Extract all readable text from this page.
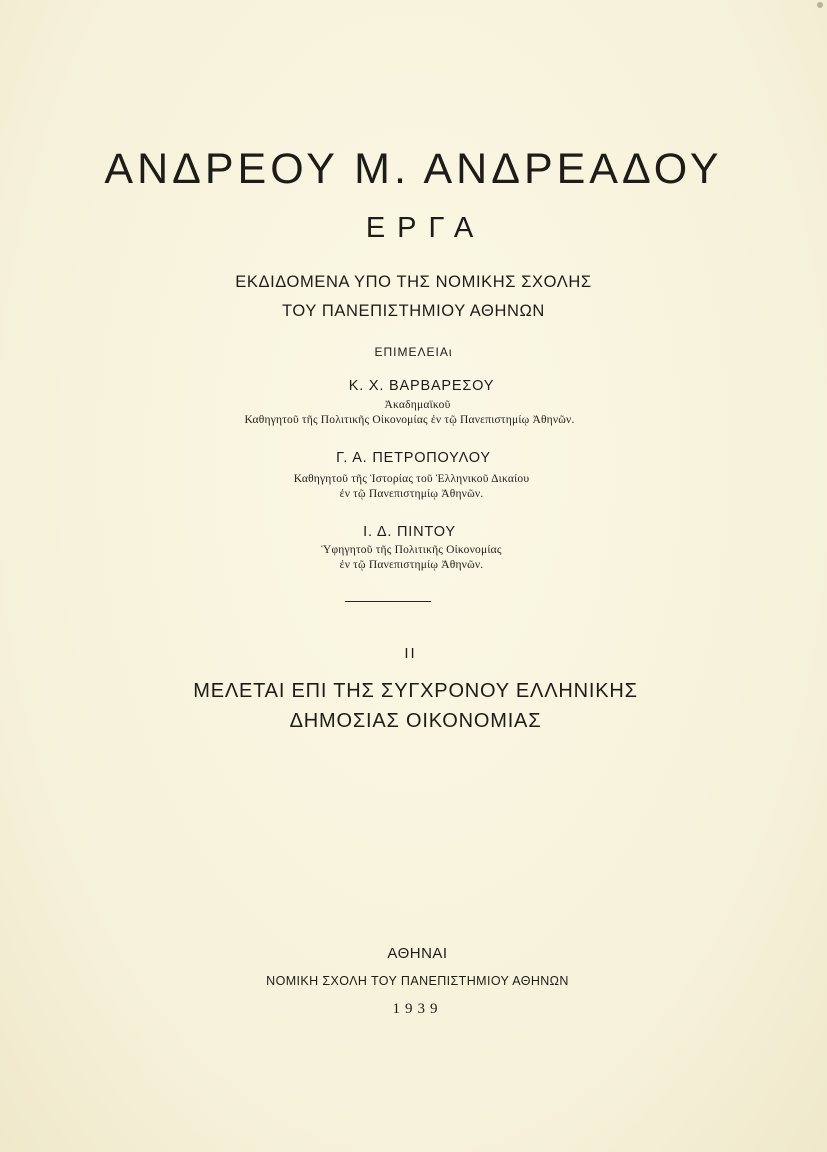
ΑΝΔΡΕΟΥ Μ. ΑΝΔΡΕΑΔΟΥ
ΕΡΓΑ
ΕΚΔΙΔΟΜΕΝΑ ΥΠΟ ΤΗΣ ΝΟΜΙΚΗΣ ΣΧΟΛΗΣ
ΤΟΥ ΠΑΝΕΠΙΣΤΗΜΙΟΥ ΑΘΗΝΩΝ
ΕΠΙΜΕΛΕΙΑι
Κ. Χ. ΒΑΡΒΑΡΕΣΟΥ
Ἀκαδημαϊκοῦ
Καθηγητοῦ τῆς Πολιτικῆς Οἰκονομίας ἐν τῷ Πανεπιστημίῳ Ἀθηνῶν.
Γ. Α. ΠΕΤΡΟΠΟΥΛΟΥ
Καθηγητοῦ τῆς Ἱστορίας τοῦ Ἑλληνικοῦ Δικαίου
ἐν τῷ Πανεπιστημίῳ Ἀθηνῶν.
Ι. Δ. ΠΙΝΤΟΥ
Ὑφηγητοῦ τῆς Πολιτικῆς Οἰκονομίας
ἐν τῷ Πανεπιστημίῳ Ἀθηνῶν.
II
ΜΕΛΕΤΑΙ ΕΠΙ ΤΗΣ ΣΥΓΧΡΟΝΟΥ ΕΛΛΗΝΙΚΗΣ
ΔΗΜΟΣΙΑΣ ΟΙΚΟΝΟΜΙΑΣ
ΑΘΗΝΑΙ
ΝΟΜΙΚΗ ΣΧΟΛΗ ΤΟΥ ΠΑΝΕΠΙΣΤΗΜΙΟΥ ΑΘΗΝΩΝ
1939
